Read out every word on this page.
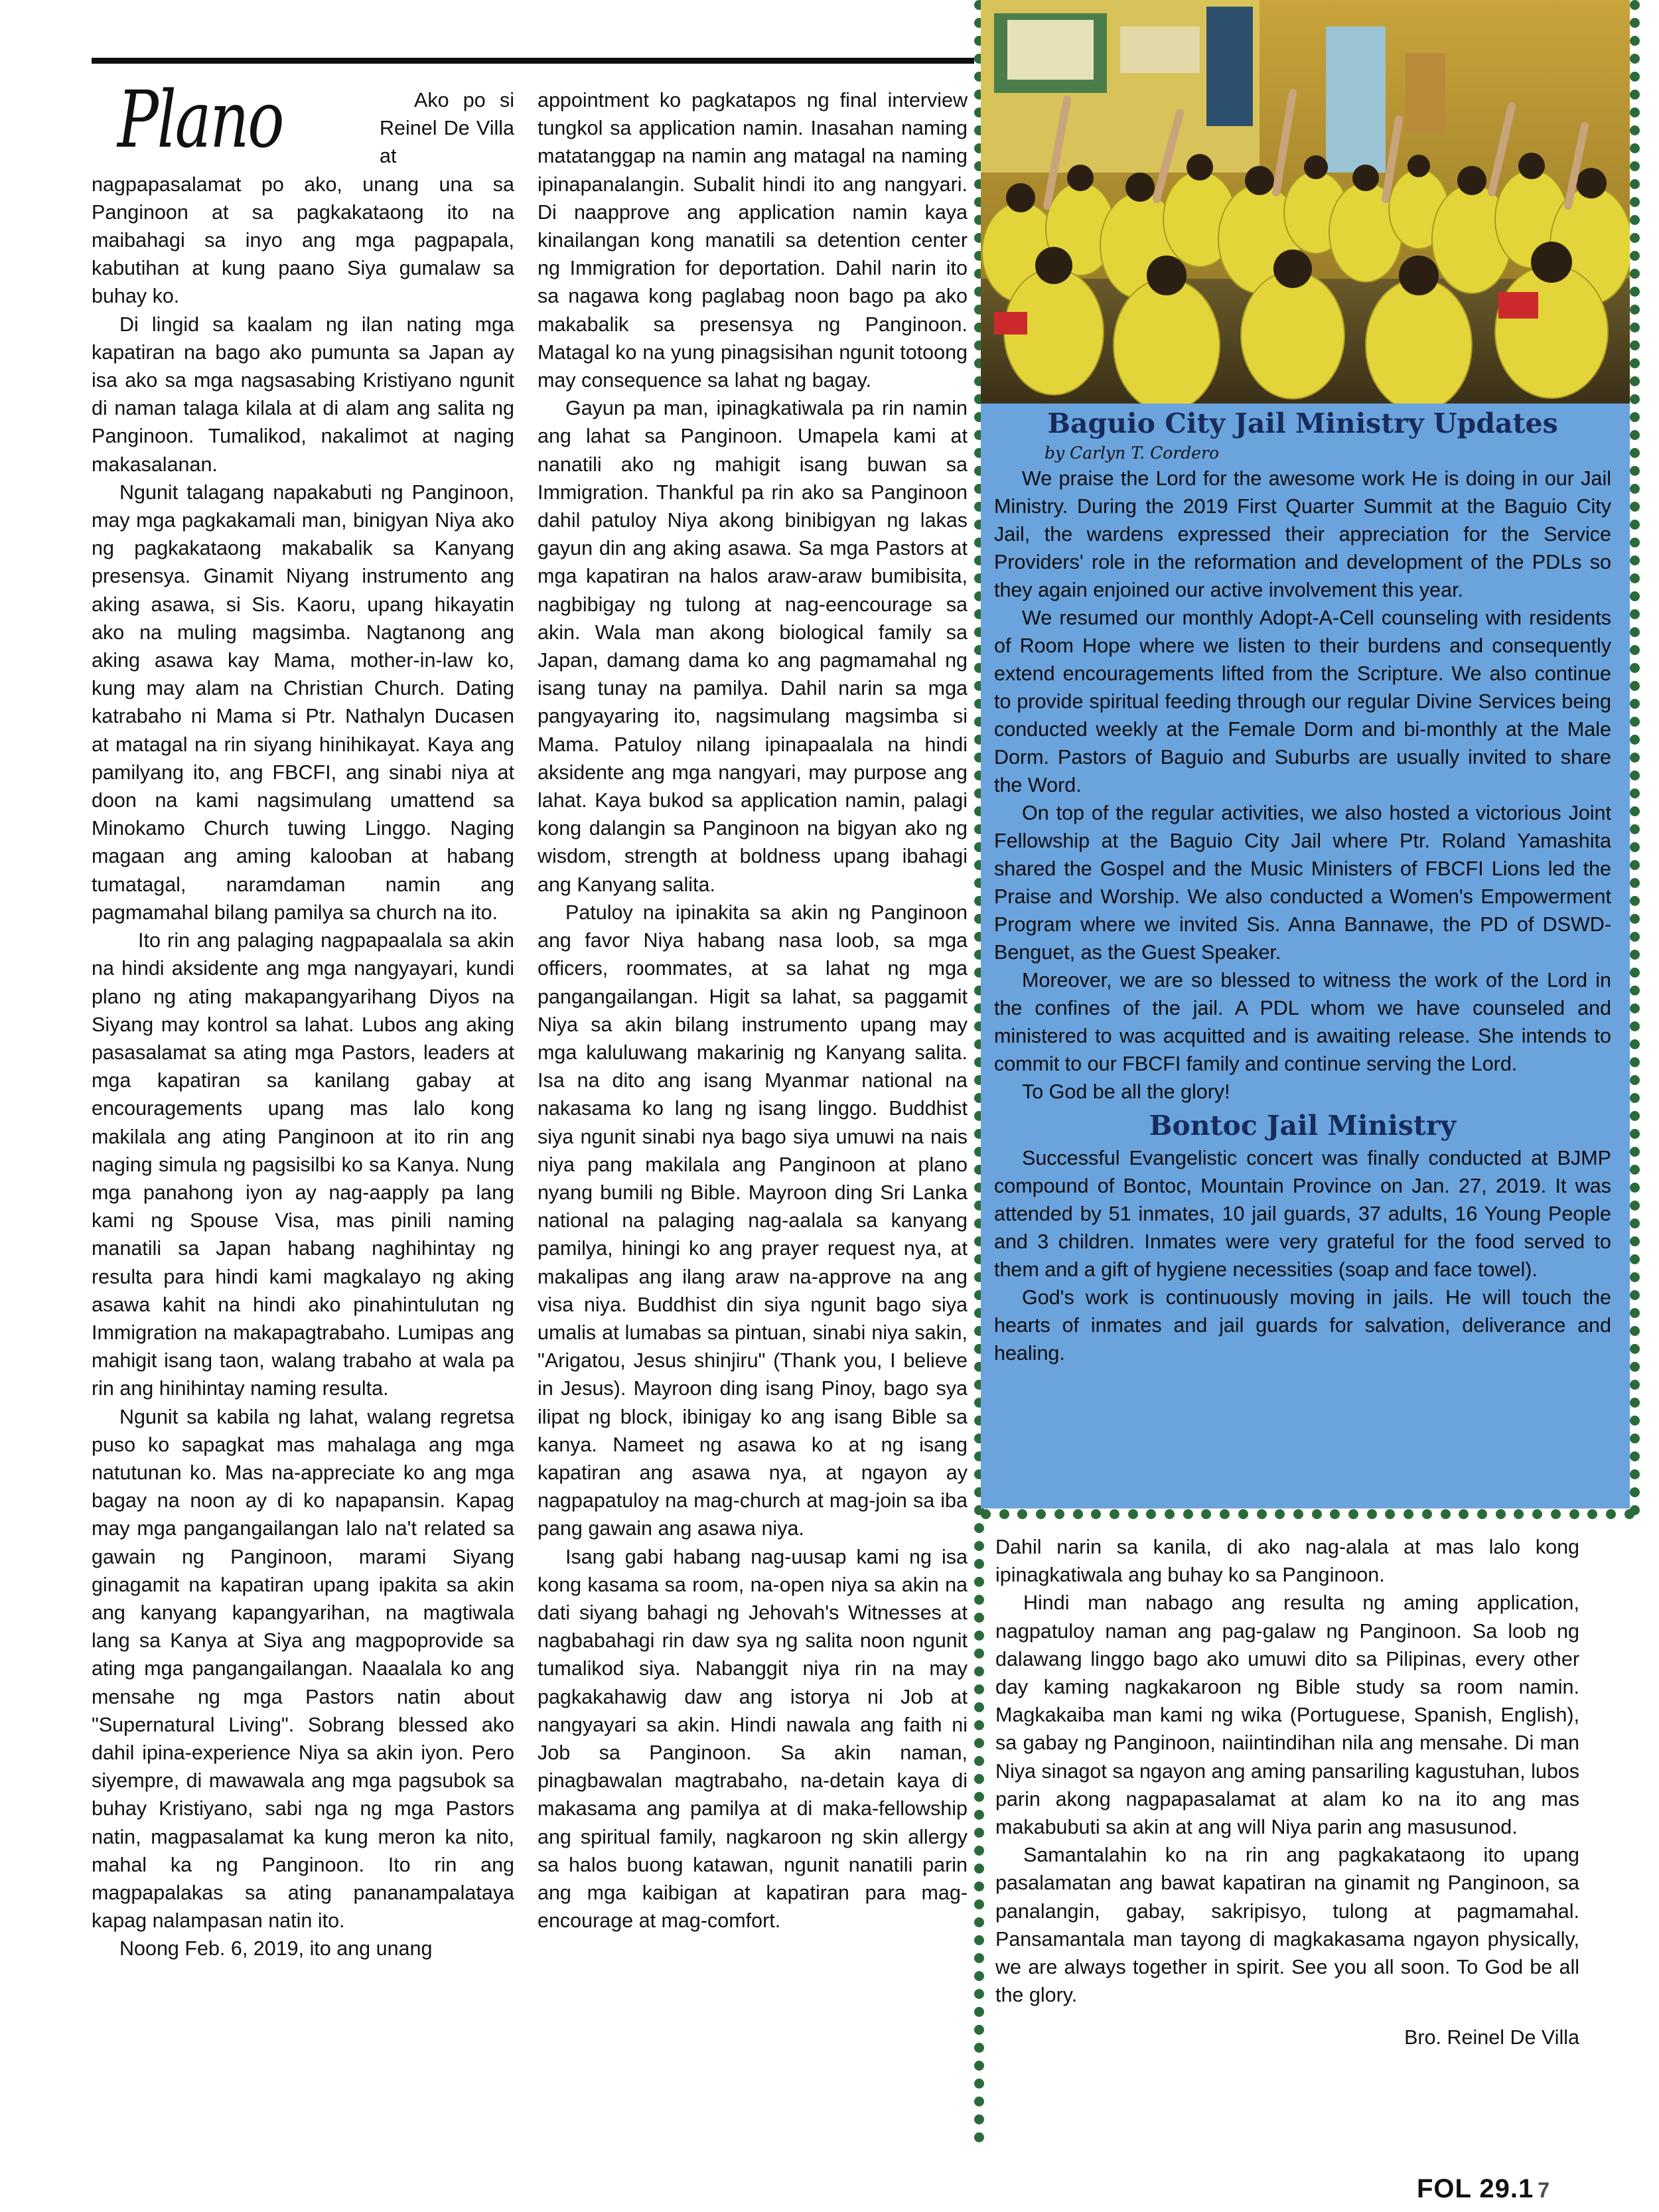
Plano	Ako po si Reinel De Villa at nagpapasalamat po ako, unang una sa Panginoon at sa pagkakataong ito na maibahagi sa inyo ang mga pagpapala, kabutihan at kung paano Siya gumalaw sa buhay ko.

Di lingid sa kaalam ng ilan nating mga kapatiran na bago ako pumunta sa Japan ay isa ako sa mga nagsasabing Kristiyano ngunit di naman talaga kilala at di alam ang salita ng Panginoon. Tumalikod, nakalimot at naging makasalanan.

Ngunit talagang napakabuti ng Panginoon, may mga pagkakamali man, binigyan Niya ako ng pagkakataong makabalik sa Kanyang presensya. Ginamit Niyang instrumento ang aking asawa, si Sis. Kaoru, upang hikayatin ako na muling magsimba. Nagtanong ang aking asawa kay Mama, mother-in-law ko, kung may alam na Christian Church. Dating katrabaho ni Mama si Ptr. Nathalyn Ducasen at matagal na rin siyang hinihikayat. Kaya ang pamilyang ito, ang FBCFI, ang sinabi niya at doon na kami nagsimulang umattend sa Minokamo Church tuwing Linggo. Naging magaan ang aming kalooban at habang tumatagal, naramdaman namin ang pagmamahal bilang pamilya sa church na ito.

Ito rin ang palaging nagpapaalala sa akin na hindi aksidente ang mga nangyayari, kundi plano ng ating makapangyarihang Diyos na Siyang may kontrol sa lahat. Lubos ang aking pasasalamat sa ating mga Pastors, leaders at mga kapatiran sa kanilang gabay at encouragements upang mas lalo kong makilala ang ating Panginoon at ito rin ang naging simula ng pagsisilbi ko sa Kanya. Nung mga panahong iyon ay nag-aapply pa lang kami ng Spouse Visa, mas pinili naming manatili sa Japan habang naghihintay ng resulta para hindi kami magkalayo ng aking asawa kahit na hindi ako pinahintulutan ng Immigration na makapagtrabaho. Lumipas ang mahigit isang taon, walang trabaho at wala pa rin ang hinihintay naming resulta.

Ngunit sa kabila ng lahat, walang regretsa puso ko sapagkat mas mahalaga ang mga natutunan ko. Mas na-appreciate ko ang mga bagay na noon ay di ko napapansin. Kapag may mga pangangailangan lalo na't related sa gawain ng Panginoon, marami Siyang ginagamit na kapatiran upang ipakita sa akin ang kanyang kapangyarihan, na magtiwala lang sa Kanya at Siya ang magpoprovide sa ating mga pangangailangan. Naaalala ko ang mensahe ng mga Pastors natin about "Supernatural Living". Sobrang blessed ako dahil ipina-experience Niya sa akin iyon. Pero siyempre, di mawawala ang mga pagsubok sa buhay Kristiyano, sabi nga ng mga Pastors natin, magpasalamat ka kung meron ka nito, mahal ka ng Panginoon. Ito rin ang magpapalakas sa ating pananampalataya kapag nalampasan natin ito.

Noong Feb. 6, 2019, ito ang unang

appointment ko pagkatapos ng final interview tungkol sa application namin. Inasahan naming matatanggap na namin ang matagal na naming ipinapanalangin. Subalit hindi ito ang nangyari. Di naapprove ang application namin kaya kinailangan kong manatili sa detention center ng Immigration for deportation. Dahil narin ito sa nagawa kong paglabag noon bago pa ako makabalik sa presensya ng Panginoon. Matagal ko na yung pinagsisihan ngunit totoong may consequence sa lahat ng bagay.

Gayun pa man, ipinagkatiwala pa rin namin ang lahat sa Panginoon. Umapela kami at nanatili ako ng mahigit isang buwan sa Immigration. Thankful pa rin ako sa Panginoon dahil patuloy Niya akong binibigyan ng lakas gayun din ang aking asawa. Sa mga Pastors at mga kapatiran na halos araw-araw bumibisita, nagbibigay ng tulong at nag-eencourage sa akin. Wala man akong biological family sa Japan, damang dama ko ang pagmamahal ng isang tunay na pamilya. Dahil narin sa mga pangyayaring ito, nagsimulang magsimba si Mama. Patuloy nilang ipinapaalala na hindi aksidente ang mga nangyari, may purpose ang lahat. Kaya bukod sa application namin, palagi kong dalangin sa Panginoon na bigyan ako ng wisdom, strength at boldness upang ibahagi ang Kanyang salita.

Patuloy na ipinakita sa akin ng Panginoon ang favor Niya habang nasa loob, sa mga officers, roommates, at sa lahat ng mga pangangailangan. Higit sa lahat, sa paggamit Niya sa akin bilang instrumento upang may mga kaluluwang makarinig ng Kanyang salita. Isa na dito ang isang Myanmar national na nakasama ko lang ng isang linggo. Buddhist siya ngunit sinabi nya bago siya umuwi na nais niya pang makilala ang Panginoon at plano nyang bumili ng Bible. Mayroon ding Sri Lanka national na palaging nag-aalala sa kanyang pamilya, hiningi ko ang prayer request nya, at makalipas ang ilang araw na-approve na ang visa niya. Buddhist din siya ngunit bago siya umalis at lumabas sa pintuan, sinabi niya sakin, "Arigatou, Jesus shinjiru" (Thank you, I believe in Jesus). Mayroon ding isang Pinoy, bago sya ilipat ng block, ibinigay ko ang isang Bible sa kanya. Nameet ng asawa ko at ng isang kapatiran ang asawa nya, at ngayon ay nagpapatuloy na mag-church at mag-join sa iba pang gawain ang asawa niya.

Isang gabi habang nag-uusap kami ng isa kong kasama sa room, na-open niya sa akin na dati siyang bahagi ng Jehovah's Witnesses at nagbabahagi rin daw sya ng salita noon ngunit tumalikod siya. Nabanggit niya rin na may pagkakahawig daw ang istorya ni Job at nangyayari sa akin. Hindi nawala ang faith ni Job sa Panginoon. Sa akin naman, pinagbawalan magtrabaho, na-detain kaya di makasama ang pamilya at di maka-fellowship ang spiritual family, nagkaroon ng skin allergy sa halos buong katawan, ngunit nanatili parin ang mga kaibigan at kapatiran para mag-encourage at mag-comfort.

Baguio City Jail Ministry Updates

by Carlyn T. Cordero

We praise the Lord for the awesome work He is doing in our Jail Ministry. During the 2019 First Quarter Summit at the Baguio City Jail, the wardens expressed their appreciation for the Service Providers' role in the reformation and development of the PDLs so they again enjoined our active involvement this year.

We resumed our monthly Adopt-A-Cell counseling with residents of Room Hope where we listen to their burdens and consequently extend encouragements lifted from the Scripture. We also continue to provide spiritual feeding through our regular Divine Services being conducted weekly at the Female Dorm and bi-monthly at the Male Dorm. Pastors of Baguio and Suburbs are usually invited to share the Word.

On top of the regular activities, we also hosted a victorious Joint Fellowship at the Baguio City Jail where Ptr. Roland Yamashita shared the Gospel and the Music Ministers of FBCFI Lions led the Praise and Worship. We also conducted a Women's Empowerment Program where we invited Sis. Anna Bannawe, the PD of DSWD-Benguet, as the Guest Speaker.

Moreover, we are so blessed to witness the work of the Lord in the confines of the jail. A PDL whom we have counseled and ministered to was acquitted and is awaiting release. She intends to commit to our FBCFI family and continue serving the Lord.

To God be all the glory!

Bontoc Jail Ministry

Successful Evangelistic concert was finally conducted at BJMP compound of Bontoc, Mountain Province on Jan. 27, 2019. It was attended by 51 inmates, 10 jail guards, 37 adults, 16 Young People and 3 children. Inmates were very grateful for the food served to them and a gift of hygiene necessities (soap and face towel).

God's work is continuously moving in jails. He will touch the hearts of inmates and jail guards for salvation, deliverance and healing.

Dahil narin sa kanila, di ako nag-alala at mas lalo kong ipinagkatiwala ang buhay ko sa Panginoon.

Hindi man nabago ang resulta ng aming application, nagpatuloy naman ang pag-galaw ng Panginoon. Sa loob ng dalawang linggo bago ako umuwi dito sa Pilipinas, every other day kaming nagkakaroon ng Bible study sa room namin. Magkakaiba man kami ng wika (Portuguese, Spanish, English), sa gabay ng Panginoon, naiintindihan nila ang mensahe. Di man Niya sinagot sa ngayon ang aming pansariling kagustuhan, lubos parin akong nagpapasalamat at alam ko na ito ang mas makabubuti sa akin at ang will Niya parin ang masusunod.

Samantalahin ko na rin ang pagkakataong ito upang pasalamatan ang bawat kapatiran na ginamit ng Panginoon, sa panalangin, gabay, sakripisyo, tulong at pagmamahal. Pansamantala man tayong di magkakasama ngayon physically, we are always together in spirit. See you all soon. To God be all the glory.

Bro. Reinel De Villa

FOL 29.1 7
